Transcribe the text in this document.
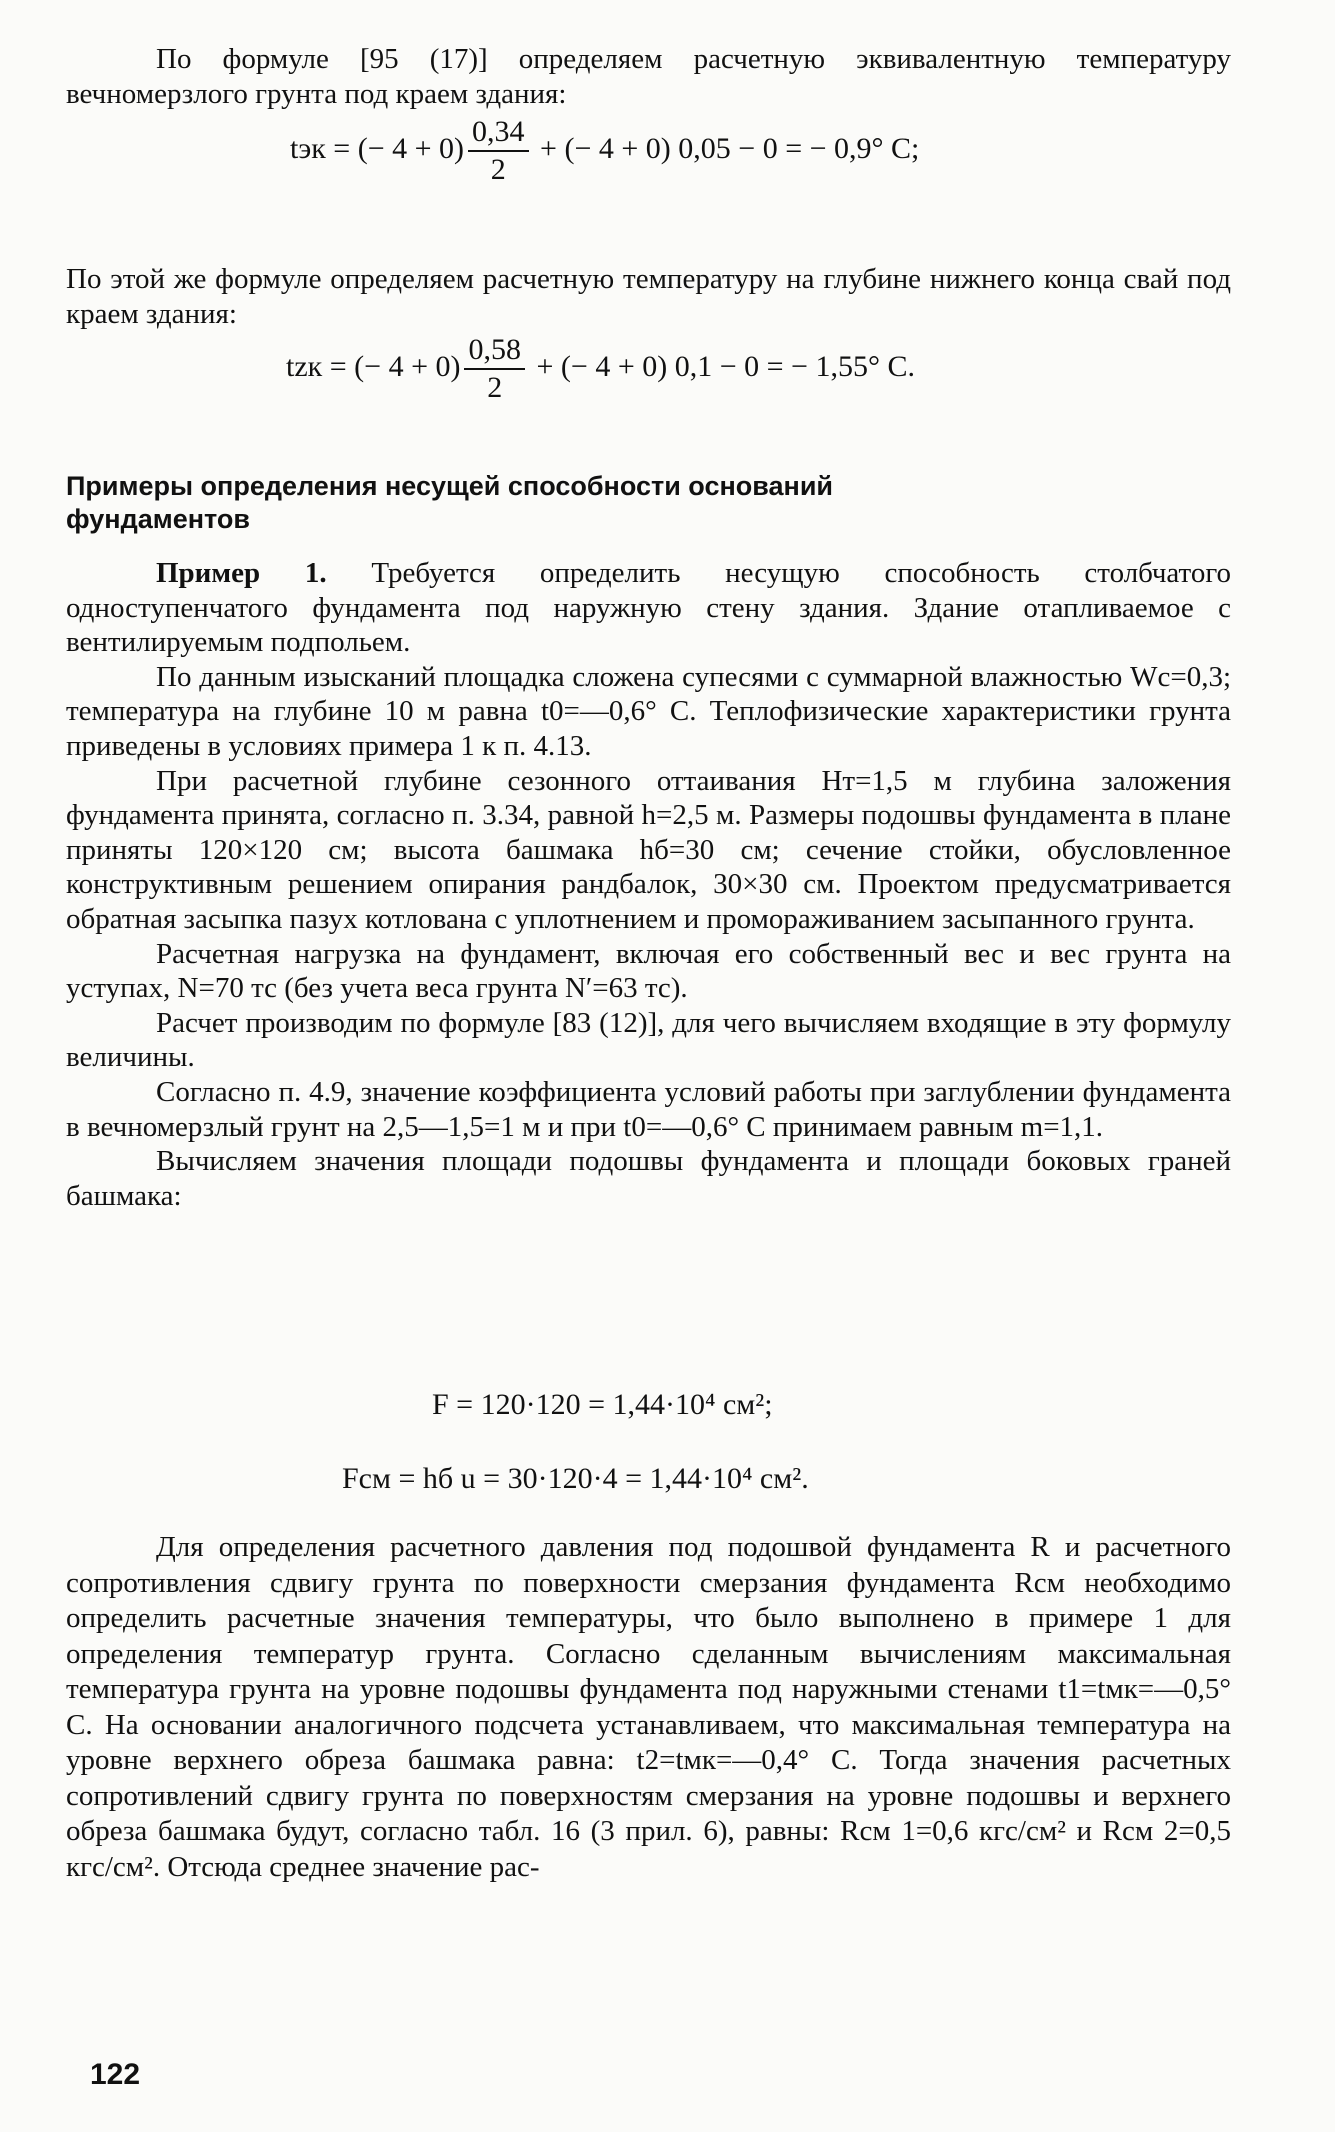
По формуле [95 (17)] определяем расчетную эквивалентную температуру вечномерзлого грунта под краем здания:

tэк = (− $4 + 0) \frac{0,34}{2}$ + (− 4 + 0) 0,05 − 0 = − 0,9° С;

По этой же формуле определяем расчетную температуру на глубине нижнего конца свай под краем здания:

tzк = (− $4 + 0) \frac{0,58}{2}$ + (− 4 + 0) 0,1 − 0 = − 1,55° С.
Примеры определения несущей способности оснований фундаментов

Пример 1. Требуется определить несущую способность столбчатого одноступенчатого фундамента под наружную стену здания. Здание отапливаемое с вентилируемым подпольем.

По данным изысканий площадка сложена супесями с суммарной влажностью Wc=0,3; температура на глубине 10 м равна t0=—0,6° С. Теплофизические характеристики грунта приведены в условиях примера 1 к п. 4.13.

При расчетной глубине сезонного оттаивания Hт=1,5 м глубина заложения фундамента принята, согласно п. 3.34, равной h=2,5 м. Размеры подошвы фундамента в плане приняты 120×120 см; высота башмака hб=30 см; сечение стойки, обусловленное конструктивным решением опирания рандбалок, 30×30 см. Проектом предусматривается обратная засыпка пазух котлована с уплотнением и промораживанием засыпанного грунта.

Расчетная нагрузка на фундамент, включая его собственный вес и вес грунта на уступах, N=70 тс (без учета веса грунта N′=63 тс).

Расчет производим по формуле [83 (12)], для чего вычисляем входящие в эту формулу величины.

Согласно п. 4.9, значение коэффициента условий работы при заглублении фундамента в вечномерзлый грунт на 2,5—1,5=1 м и при t0=—0,6° С принимаем равным m=1,1.

Вычисляем значения площади подошвы фундамента и площади боковых граней башмака:

F = 120·120 = 1,44·10⁴ см²;
Fсм = hб u = 30·120·4 = 1,44·10⁴ см².

Для определения расчетного давления под подошвой фундамента R и расчетного сопротивления сдвигу грунта по поверхности смерзания фундамента Rсм необходимо определить расчетные значения температуры, что было выполнено в примере 1 для определения температур грунта. Согласно сделанным вычислениям максимальная температура грунта на уровне подошвы фундамента под наружными стенами t1=tмк=—0,5° С. На основании аналогичного подсчета устанавливаем, что максимальная температура на уровне верхнего обреза башмака равна: t2=tмк=—0,4° С. Тогда значения расчетных сопротивлений сдвигу грунта по поверхностям смерзания на уровне подошвы и верхнего обреза башмака будут, согласно табл. 16 (3 прил. 6), равны: Rсм 1=0,6 кгс/см² и Rсм 2=0,5 кгс/см². Отсюда среднее значение рас-

122
